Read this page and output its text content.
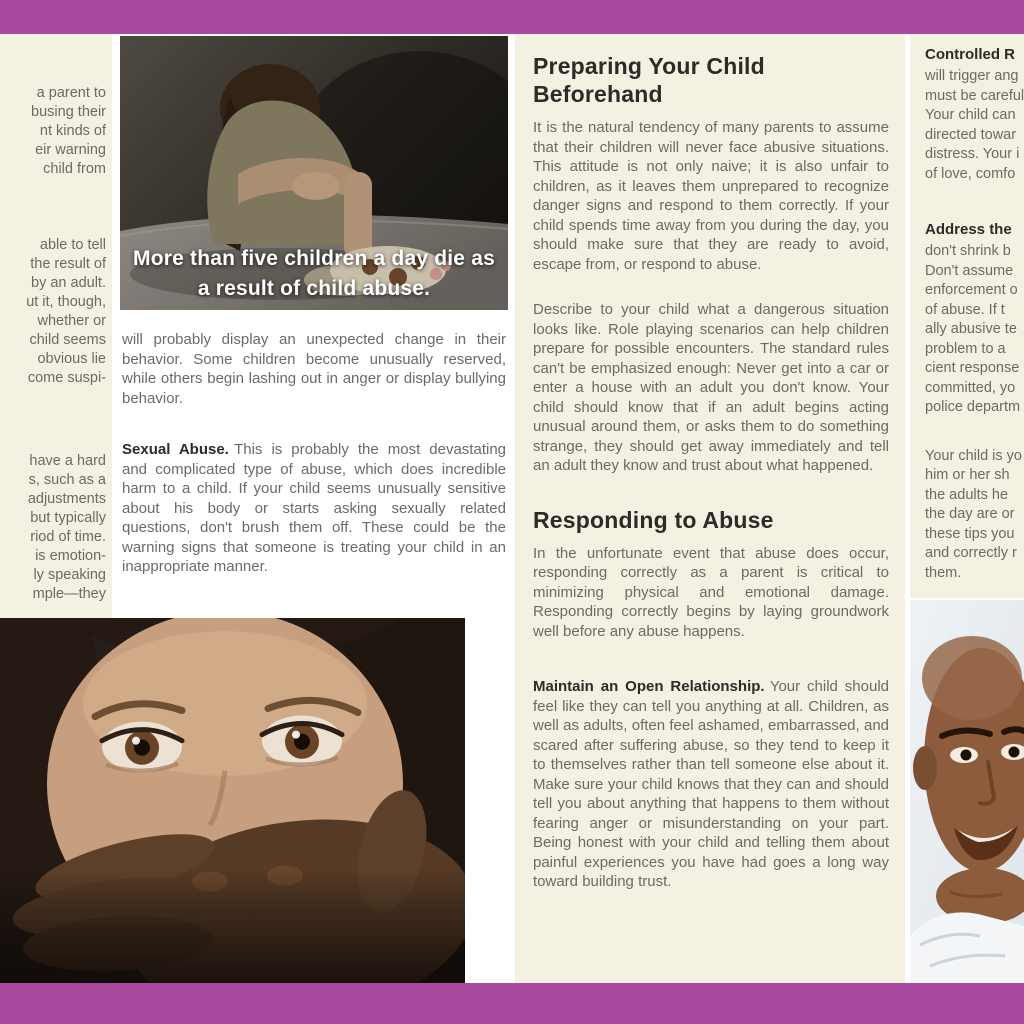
a parent to
busing their
nt kinds of
eir warning
child from
able to tell
the result of
by an adult.
ut it, though,
whether or
child seems
obvious lie
come suspi-
have a hard
s, such as a
adjustments
but typically
riod of time.
is emotion-
ly speaking
mple—they
More than five children a day die as a result of child abuse.

will probably display an unexpected change in their behavior. Some children become unusually reserved, while others begin lashing out in anger or display bullying behavior.

Sexual Abuse. This is probably the most devastating and complicated type of abuse, which does incredible harm to a child. If your child seems unusually sensitive about his body or starts asking sexually related questions, don't brush them off. These could be the warning signs that someone is treating your child in an inappropriate manner.

Preparing Your Child Beforehand

It is the natural tendency of many parents to assume that their children will never face abusive situations. This attitude is not only naive; it is also unfair to children, as it leaves them unprepared to recognize danger signs and respond to them correctly. If your child spends time away from you during the day, you should make sure that they are ready to avoid, escape from, or respond to abuse.

Describe to your child what a dangerous situation looks like. Role playing scenarios can help children prepare for possible encounters. The standard rules can't be emphasized enough: Never get into a car or enter a house with an adult you don't know. Your child should know that if an adult begins acting unusual around them, or asks them to do something strange, they should get away immediately and tell an adult they know and trust about what happened.

Responding to Abuse

In the unfortunate event that abuse does occur, responding correctly as a parent is critical to minimizing physical and emotional damage. Responding correctly begins by laying groundwork well before any abuse happens.

Maintain an Open Relationship. Your child should feel like they can tell you anything at all. Children, as well as adults, often feel ashamed, embarrassed, and scared after suffering abuse, so they tend to keep it to themselves rather than tell someone else about it. Make sure your child knows that they can and should tell you about anything that happens to them without fearing anger or misunderstanding on your part. Being honest with your child and telling them about painful experiences you have had goes a long way toward building trust.

Controlled R
will trigger ang
must be careful
Your child can
directed towar
distress. Your i
of love, comfo
Address the
don't shrink b
Don't assume
enforcement o
of abuse. If t
ally abusive te
problem to a
cient response
committed, yo
police departm
Your child is yo
him or her sh
the adults he
the day are or
these tips you
and correctly r
them.
